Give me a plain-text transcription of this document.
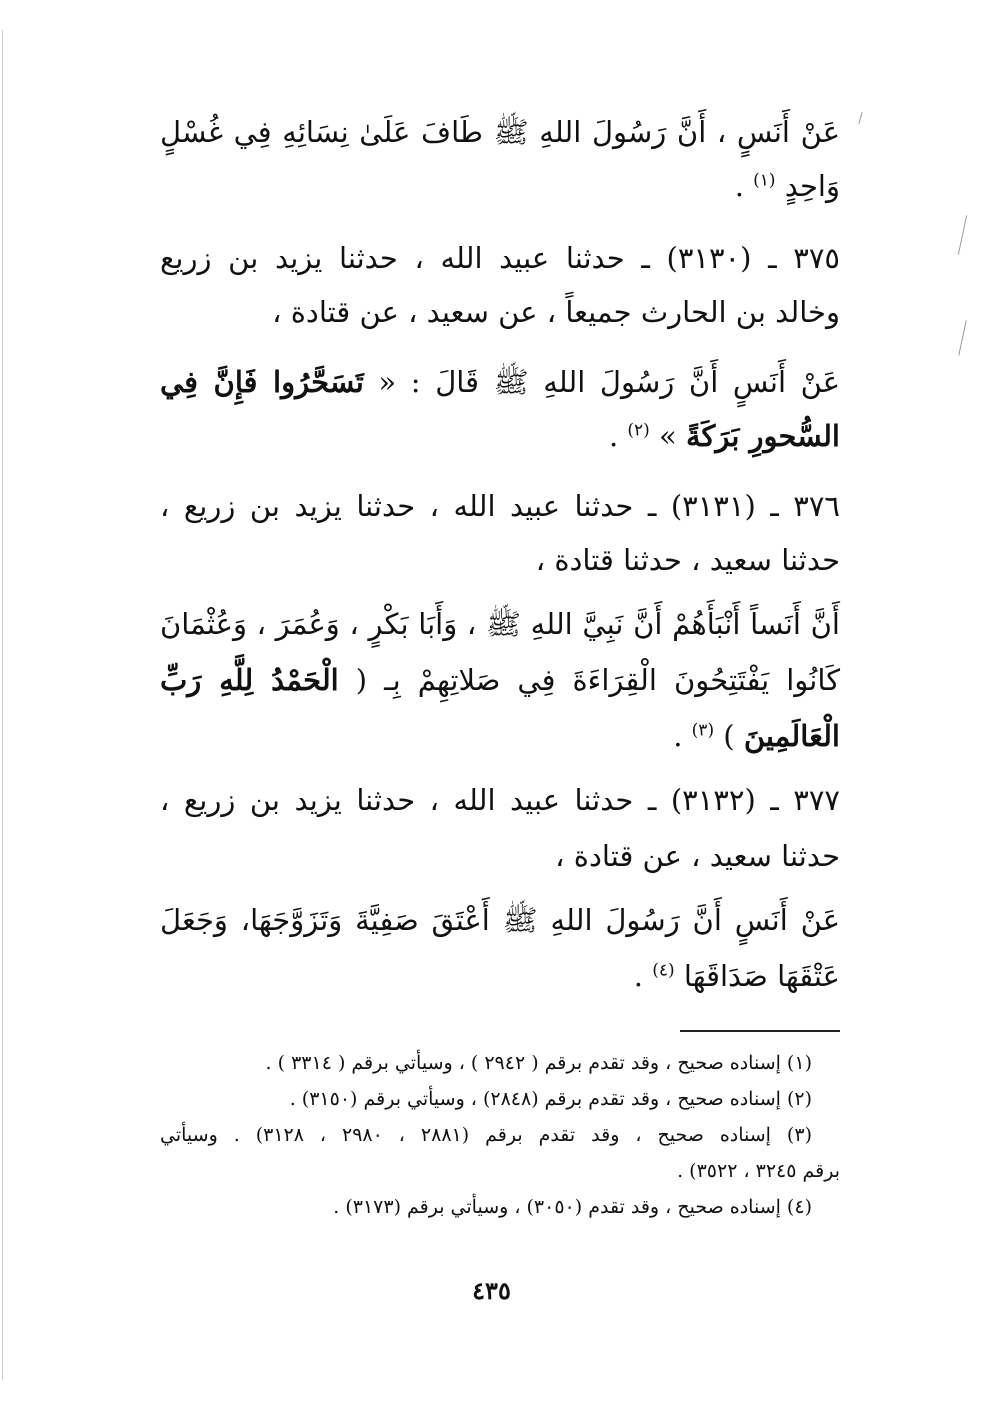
عَنْ أَنَسٍ ، أَنَّ رَسُولَ اللهِ ﷺ طَافَ عَلَىٰ نِسَائِهِ فِي غُسْلٍ
وَاحِدٍ $^{(١)}$ .
٣٧٥ ـ (٣١٣٠) ـ حدثنا عبيد الله ، حدثنا يزيد بن زريع
وخالد بن الحارث جميعاً ، عن سعيد ، عن قتادة ،
عَنْ أَنَسٍ أَنَّ رَسُولَ اللهِ ﷺ قَالَ : « تَسَحَّرُوا فَإِنَّ فِي
السُّحورِ بَرَكَةً » $^{(٢)}$ .
٣٧٦ ـ (٣١٣١) ـ حدثنا عبيد الله ، حدثنا يزيد بن زريع ،
حدثنا سعيد ، حدثنا قتادة ،
أَنَّ أَنَساً أَنْبَأَهُمْ أَنَّ نَبِيَّ اللهِ ﷺ ، وَأَبَا بَكْرٍ ، وَعُمَرَ ، وَعُثْمَانَ
كَانُوا يَفْتَتِحُونَ الْقِرَاءَةَ فِي صَلاتِهِمْ بِـ ( الْحَمْدُ لِلَّهِ رَبِّ
الْعَالَمِينَ ) $^{(٣)}$ .
٣٧٧ ـ (٣١٣٢) ـ حدثنا عبيد الله ، حدثنا يزيد بن زريع ،
حدثنا سعيد ، عن قتادة ،
عَنْ أَنَسٍ أَنَّ رَسُولَ اللهِ ﷺ أَعْتَقَ صَفِيَّةَ وَتَزَوَّجَهَا، وَجَعَلَ
عَتْقَهَا صَدَاقَهَا $^{(٤)}$ .
(١) إسناده صحيح ، وقد تقدم برقم ( ٢٩٤٢ ) ، وسيأتي برقم ( ٣٣١٤ ) .
(٢) إسناده صحيح ، وقد تقدم برقم (٢٨٤٨) ، وسيأتي برقم (٣١٥٠) .
(٣) إسناده صحيح ، وقد تقدم برقم (٢٨٨١ ، ٢٩٨٠ ، ٣١٢٨) . وسيأتي
برقم ٣٢٤٥ ، ٣٥٢٢) .
(٤) إسناده صحيح ، وقد تقدم (٣٠٥٠) ، وسيأتي برقم (٣١٧٣) .
٤٣٥
